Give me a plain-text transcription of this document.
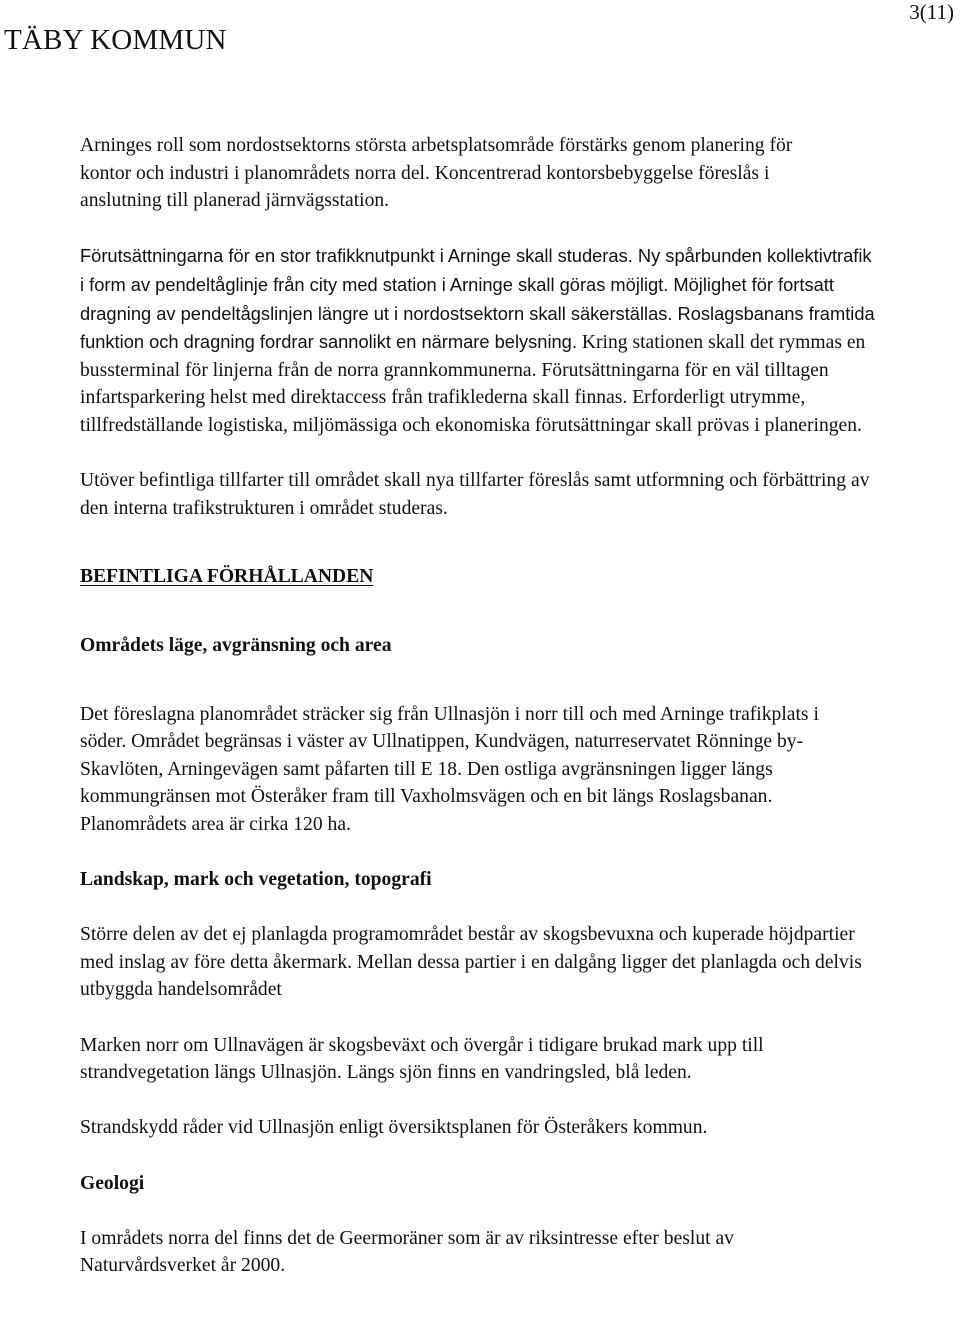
TÄBY KOMMUN
3(11)

Arninges roll som nordostsektorns största arbetsplatsområde förstärks genom planering för kontor och industri i planområdets norra del. Koncentrerad kontorsbebyggelse föreslås i anslutning till planerad järnvägsstation.

Förutsättningarna för en stor trafikknutpunkt i Arninge skall studeras. Ny spårbunden kollektivtrafik i form av pendeltåglinje från city med station i Arninge skall göras möjligt. Möjlighet för fortsatt dragning av pendeltågslinjen längre ut i nordostsektorn skall säkerställas. Roslagsbanans framtida funktion och dragning fordrar sannolikt en närmare belysning. Kring stationen skall det rymmas en bussterminal för linjerna från de norra grannkommunerna. Förutsättningarna för en väl tilltagen infartsparkering helst med direktaccess från trafiklederna skall finnas. Erforderligt utrymme, tillfredställande logistiska, miljömässiga och ekonomiska förutsättningar skall prövas i planeringen.

Utöver befintliga tillfarter till området skall nya tillfarter föreslås samt utformning och förbättring av den interna trafikstrukturen i området studeras.

BEFINTLIGA FÖRHÅLLANDEN

Områdets läge, avgränsning och area

Det föreslagna planområdet sträcker sig från Ullnasjön i norr till och med Arninge trafikplats i söder. Området begränsas i väster av Ullnatippen, Kundvägen, naturreservatet Rönninge by- Skavlöten, Arningevägen samt påfarten till E 18. Den ostliga avgränsningen ligger längs kommungränsen mot Österåker fram till Vaxholmsvägen och en bit längs Roslagsbanan. Planområdets area är cirka 120 ha.

Landskap, mark och vegetation, topografi

Större delen av det ej planlagda programområdet består av skogsbevuxna och kuperade höjdpartier med inslag av före detta åkermark. Mellan dessa partier i en dalgång ligger det planlagda och delvis utbyggda handelsområdet

Marken norr om Ullnavägen är skogsbeväxt och övergår i tidigare brukad mark upp till strandvegetation längs Ullnasjön. Längs sjön finns en vandringsled, blå leden.

Strandskydd råder vid Ullnasjön enligt översiktsplanen för Österåkers kommun.

Geologi

I områdets norra del finns det de Geermoräner som är av riksintresse efter beslut av Naturvårdsverket år 2000.
